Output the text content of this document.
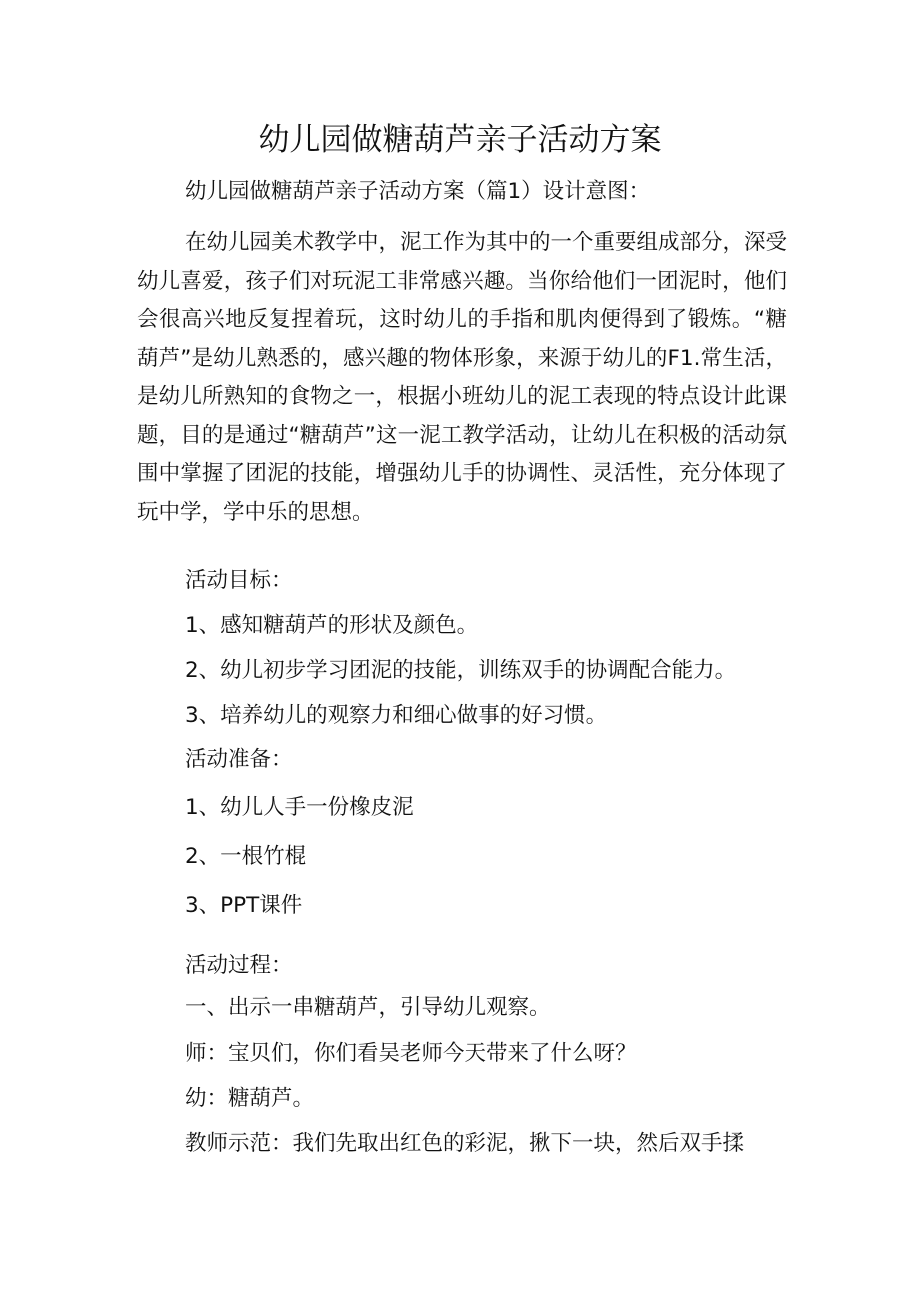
幼儿园做糖葫芦亲子活动方案

幼儿园做糖葫芦亲子活动方案（篇1）设计意图：

在幼儿园美术教学中，泥工作为其中的一个重要组成部分，深受幼儿喜爱，孩子们对玩泥工非常感兴趣。当你给他们一团泥时，他们会很高兴地反复捏着玩，这时幼儿的手指和肌肉便得到了锻炼。“糖葫芦”是幼儿熟悉的，感兴趣的物体形象，来源于幼儿的F1.常生活，是幼儿所熟知的食物之一，根据小班幼儿的泥工表现的特点设计此课题，目的是通过“糖葫芦”这一泥工教学活动，让幼儿在积极的活动氛围中掌握了团泥的技能，增强幼儿手的协调性、灵活性，充分体现了玩中学，学中乐的思想。

活动目标：

1、感知糖葫芦的形状及颜色。

2、幼儿初步学习团泥的技能，训练双手的协调配合能力。

3、培养幼儿的观察力和细心做事的好习惯。

活动准备：

1、幼儿人手一份橡皮泥

2、一根竹棍

3、PPT课件

活动过程：

一、出示一串糖葫芦，引导幼儿观察。

师：宝贝们，你们看吴老师今天带来了什么呀？

幼：糖葫芦。

教师示范：我们先取出红色的彩泥，揪下一块，然后双手揉
